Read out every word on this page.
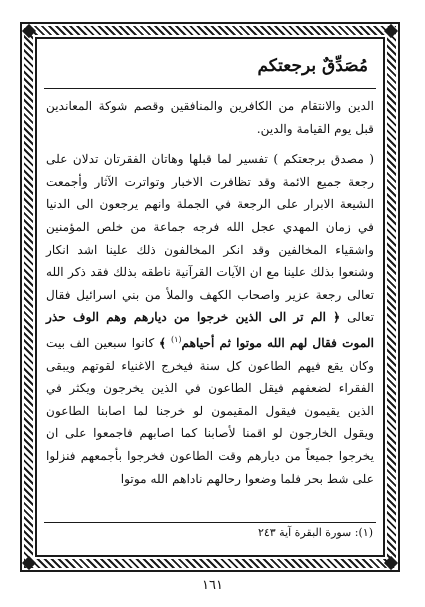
مُصَدِّقٌ برجعتكم

الدين والانتقام من الكافرين والمنافقين وقصم شوكة المعاندين قبل يوم القيامة والدين.

( مصدق برجعتكم ) تفسير لما قبلها وهاتان الفقرتان تدلان على رجعة جميع الائمة وقد تظافرت الاخبار وتواترت الآثار وأجمعت الشيعة الابرار على الرجعة في الجملة وانهم يرجعون الى الدنيا في زمان المهدي عجل الله فرجه جماعة من خلص المؤمنين واشقياء المخالفين وقد انكر المخالفون ذلك علينا اشد انكار وشنعوا بذلك علينا مع ان الآيات القرآنية ناطقه بذلك فقد ذكر الله تعالى رجعة عزير واصحاب الكهف والملأ من بني اسرائيل فقال تعالى ﴿ الم تر الى الذين خرجوا من ديارهم وهم الوف حذر الموت فقال لهم الله موتوا ثم أحياهم$^{(١)}$ ﴾ كانوا سبعين الف بيت وكان يقع فيهم الطاعون كل سنة فيخرج الاغنياء لقوتهم ويبقى الفقراء لضعفهم فيقل الطاعون في الذين يخرجون ويكثر في الذين يقيمون فيقول المقيمون لو خرجنا لما اصابنا الطاعون ويقول الخارجون لو اقمنا لأصابنا كما اصابهم فاجمعوا على ان يخرجوا جميعاً من ديارهم وقت الطاعون فخرجوا بأجمعهم فنزلوا على شط بحر فلما وضعوا رحالهم ناداهم الله موتوا

(١): سورة البقرة آية ٢٤٣
١٦١
